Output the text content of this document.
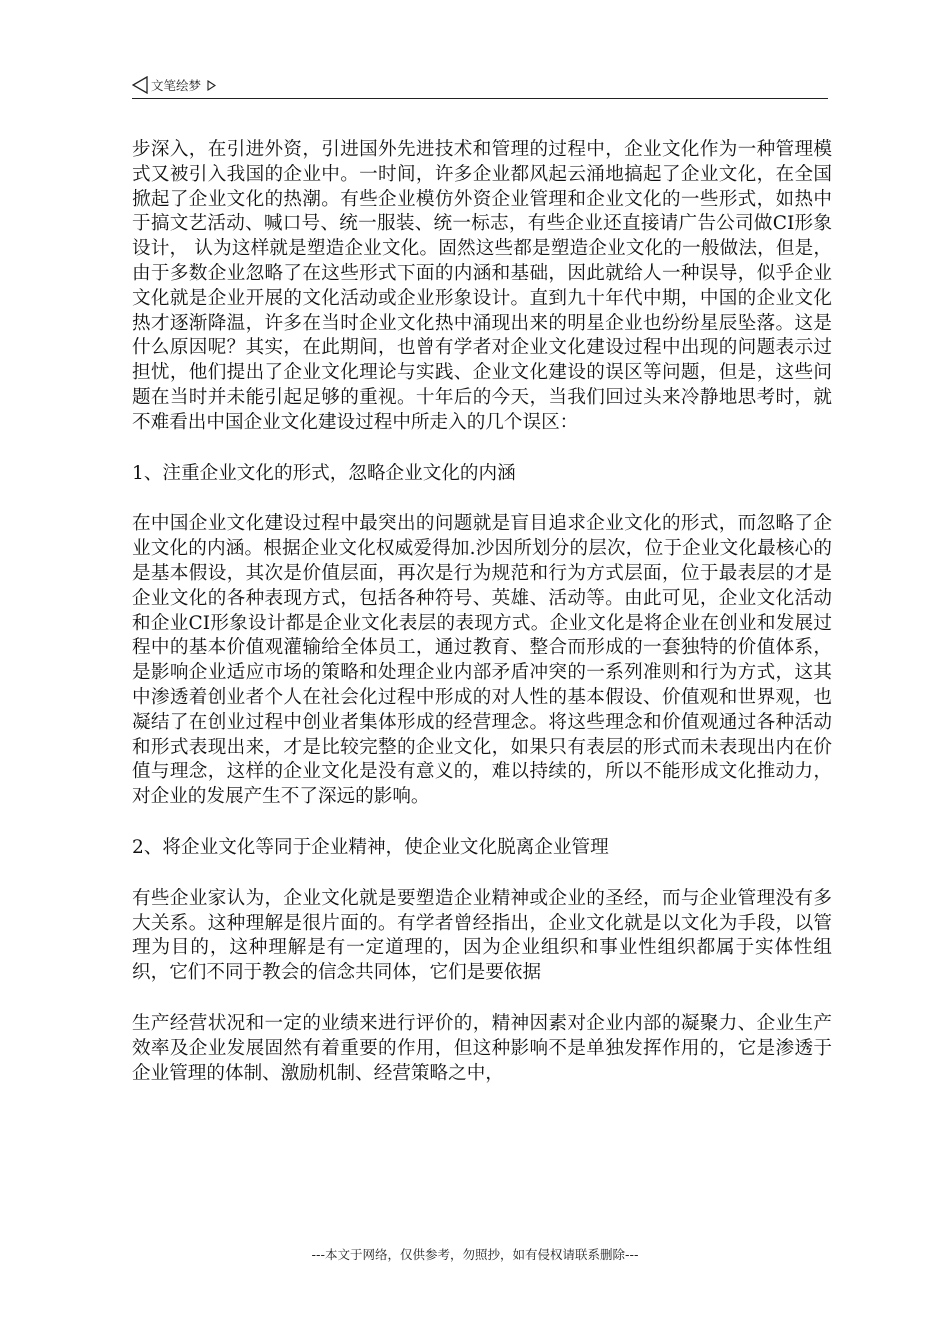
文笔绘梦

步深入，在引进外资，引进国外先进技术和管理的过程中，企业文化作为一种管理模式又被引入我国的企业中。一时间，许多企业都风起云涌地搞起了企业文化，在全国掀起了企业文化的热潮。有些企业模仿外资企业管理和企业文化的一些形式，如热中于搞文艺活动、喊口号、统一服装、统一标志，有些企业还直接请广告公司做CI形象设计， 认为这样就是塑造企业文化。固然这些都是塑造企业文化的一般做法，但是，由于多数企业忽略了在这些形式下面的内涵和基础，因此就给人一种误导，似乎企业文化就是企业开展的文化活动或企业形象设计。直到九十年代中期，中国的企业文化热才逐渐降温，许多在当时企业文化热中涌现出来的明星企业也纷纷星辰坠落。这是什么原因呢？其实，在此期间，也曾有学者对企业文化建设过程中出现的问题表示过担忧，他们提出了企业文化理论与实践、企业文化建设的误区等问题，但是，这些问题在当时并未能引起足够的重视。十年后的今天，当我们回过头来冷静地思考时，就不难看出中国企业文化建设过程中所走入的几个误区：

1、注重企业文化的形式，忽略企业文化的内涵

在中国企业文化建设过程中最突出的问题就是盲目追求企业文化的形式，而忽略了企业文化的内涵。根据企业文化权威爱得加.沙因所划分的层次，位于企业文化最核心的是基本假设，其次是价值层面，再次是行为规范和行为方式层面，位于最表层的才是企业文化的各种表现方式，包括各种符号、英雄、活动等。由此可见，企业文化活动和企业CI形象设计都是企业文化表层的表现方式。企业文化是将企业在创业和发展过程中的基本价值观灌输给全体员工，通过教育、整合而形成的一套独特的价值体系，是影响企业适应市场的策略和处理企业内部矛盾冲突的一系列准则和行为方式，这其中渗透着创业者个人在社会化过程中形成的对人性的基本假设、价值观和世界观，也凝结了在创业过程中创业者集体形成的经营理念。将这些理念和价值观通过各种活动和形式表现出来，才是比较完整的企业文化，如果只有表层的形式而未表现出内在价值与理念，这样的企业文化是没有意义的，难以持续的，所以不能形成文化推动力，对企业的发展产生不了深远的影响。

2、将企业文化等同于企业精神，使企业文化脱离企业管理

有些企业家认为，企业文化就是要塑造企业精神或企业的圣经，而与企业管理没有多大关系。这种理解是很片面的。有学者曾经指出，企业文化就是以文化为手段，以管理为目的，这种理解是有一定道理的，因为企业组织和事业性组织都属于实体性组织，它们不同于教会的信念共同体，它们是要依据

生产经营状况和一定的业绩来进行评价的，精神因素对企业内部的凝聚力、企业生产效率及企业发展固然有着重要的作用，但这种影响不是单独发挥作用的，它是渗透于企业管理的体制、激励机制、经营策略之中，

---本文于网络，仅供参考，勿照抄，如有侵权请联系删除---
